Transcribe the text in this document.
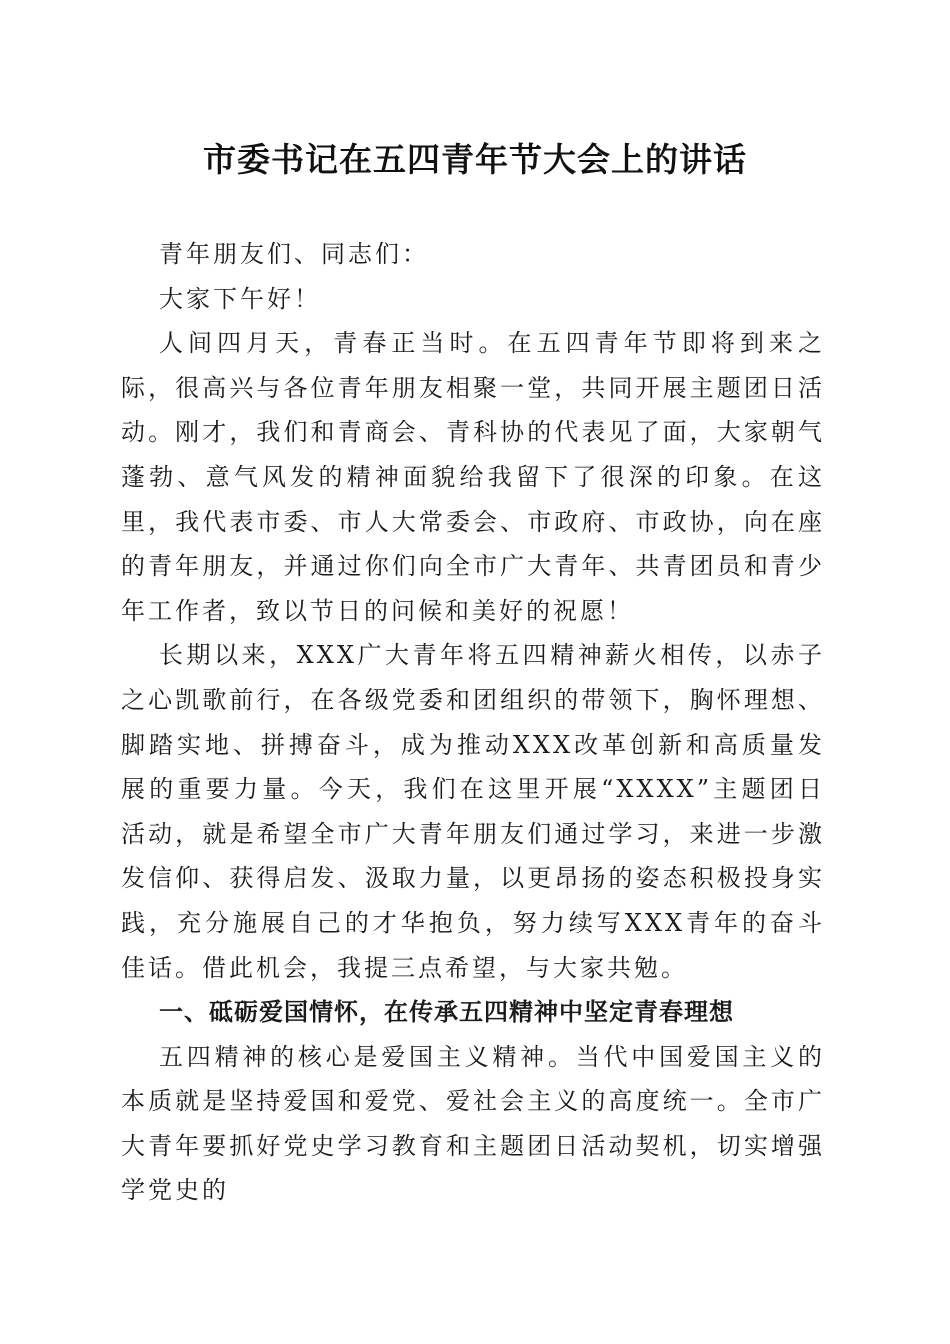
市委书记在五四青年节大会上的讲话

青年朋友们、同志们：

大家下午好！

人间四月天，青春正当时。在五四青年节即将到来之际，很高兴与各位青年朋友相聚一堂，共同开展主题团日活动。刚才，我们和青商会、青科协的代表见了面，大家朝气蓬勃、意气风发的精神面貌给我留下了很深的印象。在这里，我代表市委、市人大常委会、市政府、市政协，向在座的青年朋友，并通过你们向全市广大青年、共青团员和青少年工作者，致以节日的问候和美好的祝愿！

长期以来，XXX广大青年将五四精神薪火相传，以赤子之心凯歌前行，在各级党委和团组织的带领下，胸怀理想、脚踏实地、拼搏奋斗，成为推动XXX改革创新和高质量发展的重要力量。今天，我们在这里开展“XXXX”主题团日活动，就是希望全市广大青年朋友们通过学习，来进一步激发信仰、获得启发、汲取力量，以更昂扬的姿态积极投身实践，充分施展自己的才华抱负，努力续写XXX青年的奋斗佳话。借此机会，我提三点希望，与大家共勉。

一、砥砺爱国情怀，在传承五四精神中坚定青春理想

五四精神的核心是爱国主义精神。当代中国爱国主义的本质就是坚持爱国和爱党、爱社会主义的高度统一。全市广大青年要抓好党史学习教育和主题团日活动契机，切实增强学党史的
